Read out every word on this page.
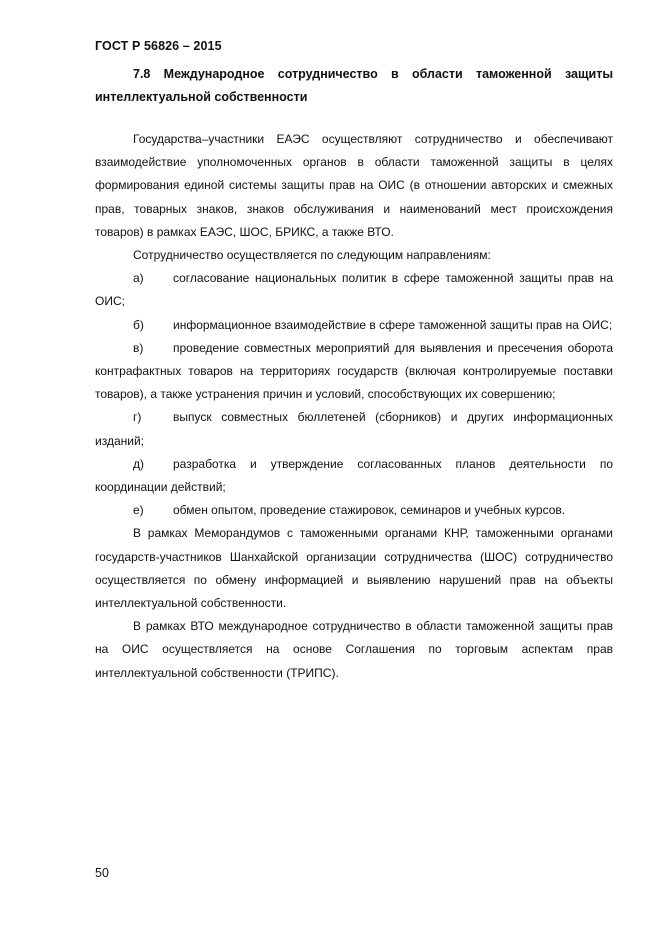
ГОСТ Р 56826 – 2015
7.8 Международное сотрудничество в области таможенной защиты интеллектуальной собственности

Государства–участники ЕАЭС осуществляют сотрудничество и обеспечивают взаимодействие уполномоченных органов в области таможенной защиты в целях формирования единой системы защиты прав на ОИС (в отношении авторских и смежных прав, товарных знаков, знаков обслуживания и наименований мест происхождения товаров) в рамках ЕАЭС, ШОС, БРИКС, а также ВТО.

Сотрудничество осуществляется по следующим направлениям:

а) согласование национальных политик в сфере таможенной защиты прав на ОИС;

б) информационное взаимодействие в сфере таможенной защиты прав на ОИС;

в) проведение совместных мероприятий для выявления и пресечения оборота контрафактных товаров на территориях государств (включая контролируемые поставки товаров), а также устранения причин и условий, способствующих их совершению;

г)	выпуск совместных бюллетеней (сборников) и других информационных изданий;

д) разработка и утверждение согласованных планов деятельности по координации действий;

е) обмен опытом, проведение стажировок, семинаров и учебных курсов.

В рамках Меморандумов с таможенными органами КНР, таможенными органами государств-участников Шанхайской организации сотрудничества (ШОС) сотрудничество осуществляется по обмену информацией и выявлению нарушений прав на объекты интеллектуальной собственности.

В рамках ВТО международное сотрудничество в области таможенной защиты прав на ОИС осуществляется на основе Соглашения по торговым аспектам прав интеллектуальной собственности (ТРИПС).

50
